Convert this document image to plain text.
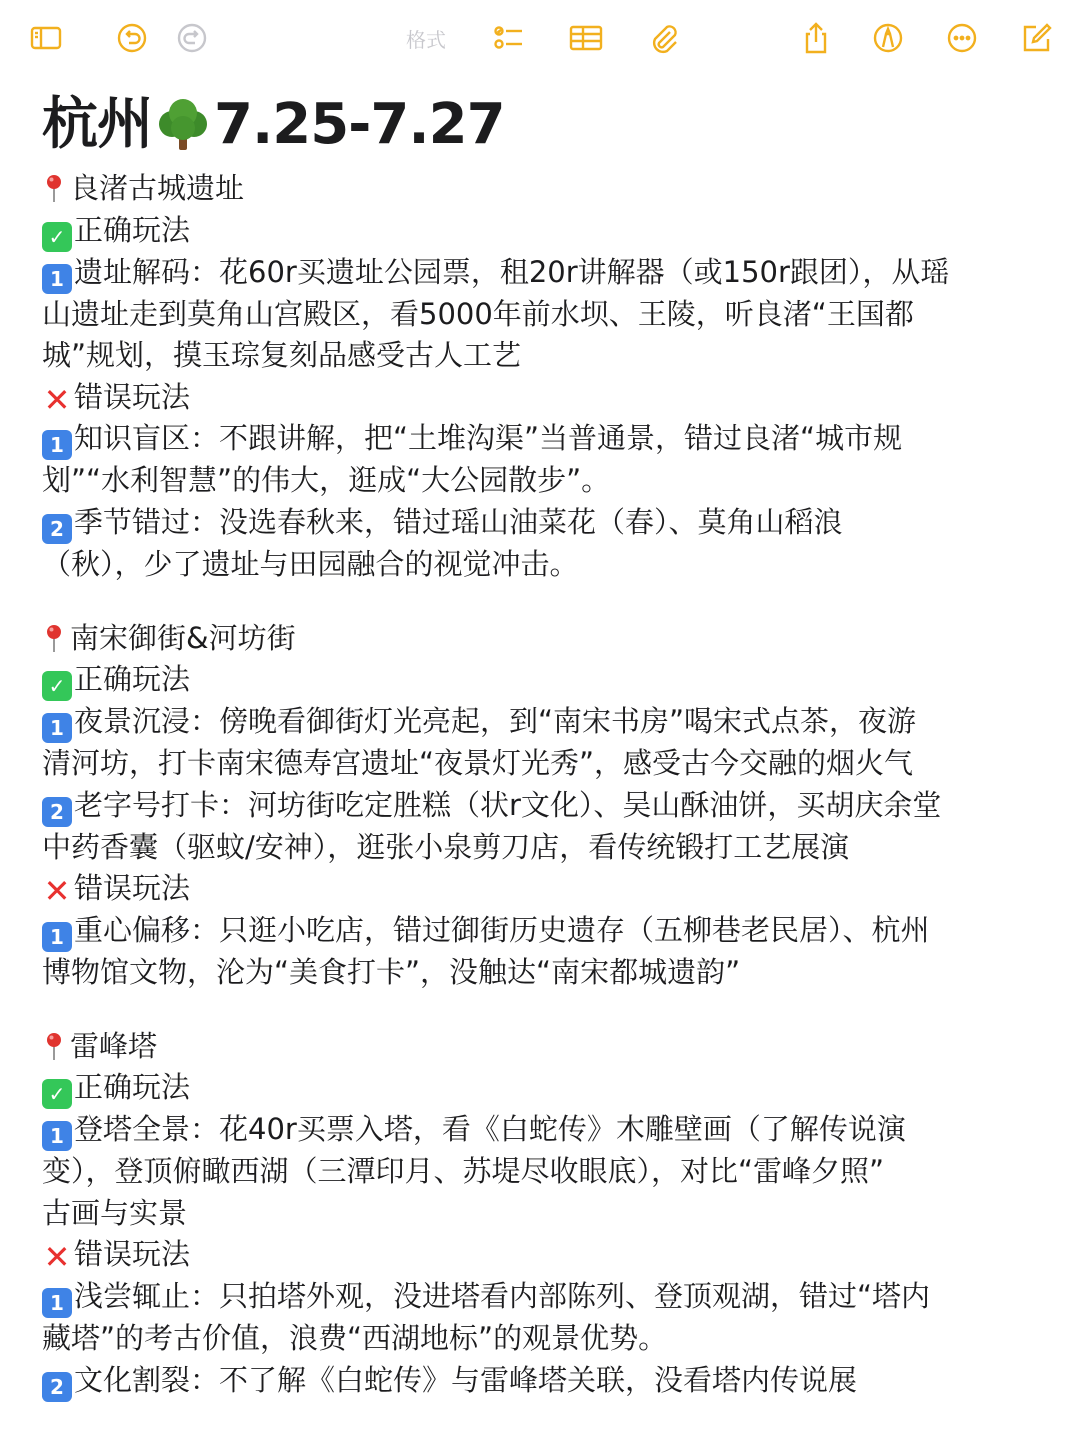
格式
杭州 7.25-7.27
良渚古城遗址
✓ 正确玩法
1 遗址解码：花60r买遗址公园票，租20r讲解器（或150r跟团），从瑶
山遗址走到莫角山宫殿区，看5000年前水坝、王陵，听良渚“王国都
城”规划，摸玉琮复刻品感受古人工艺
✕ 错误玩法
1 知识盲区：不跟讲解，把“土堆沟渠”当普通景，错过良渚“城市规
划”“水利智慧”的伟大，逛成“大公园散步”。
2 季节错过：没选春秋来，错过瑶山油菜花（春）、莫角山稻浪
（秋），少了遗址与田园融合的视觉冲击。
南宋御街&河坊街
✓ 正确玩法
1 夜景沉浸：傍晚看御街灯光亮起，到“南宋书房”喝宋式点茶，夜游
清河坊，打卡南宋德寿宫遗址“夜景灯光秀”，感受古今交融的烟火气
2 老字号打卡：河坊街吃定胜糕（状r文化）、吴山酥油饼，买胡庆余堂
中药香囊（驱蚊/安神），逛张小泉剪刀店，看传统锻打工艺展演
✕ 错误玩法
1 重心偏移：只逛小吃店，错过御街历史遗存（五柳巷老民居）、杭州
博物馆文物，沦为“美食打卡”，没触达“南宋都城遗韵”
雷峰塔
✓ 正确玩法
1 登塔全景：花40r买票入塔，看《白蛇传》木雕壁画（了解传说演
变），登顶俯瞰西湖（三潭印月、苏堤尽收眼底），对比“雷峰夕照”
古画与实景
✕ 错误玩法
1 浅尝辄止：只拍塔外观，没进塔看内部陈列、登顶观湖，错过“塔内
藏塔”的考古价值，浪费“西湖地标”的观景优势。
2 文化割裂：不了解《白蛇传》与雷峰塔关联，没看塔内传说展
